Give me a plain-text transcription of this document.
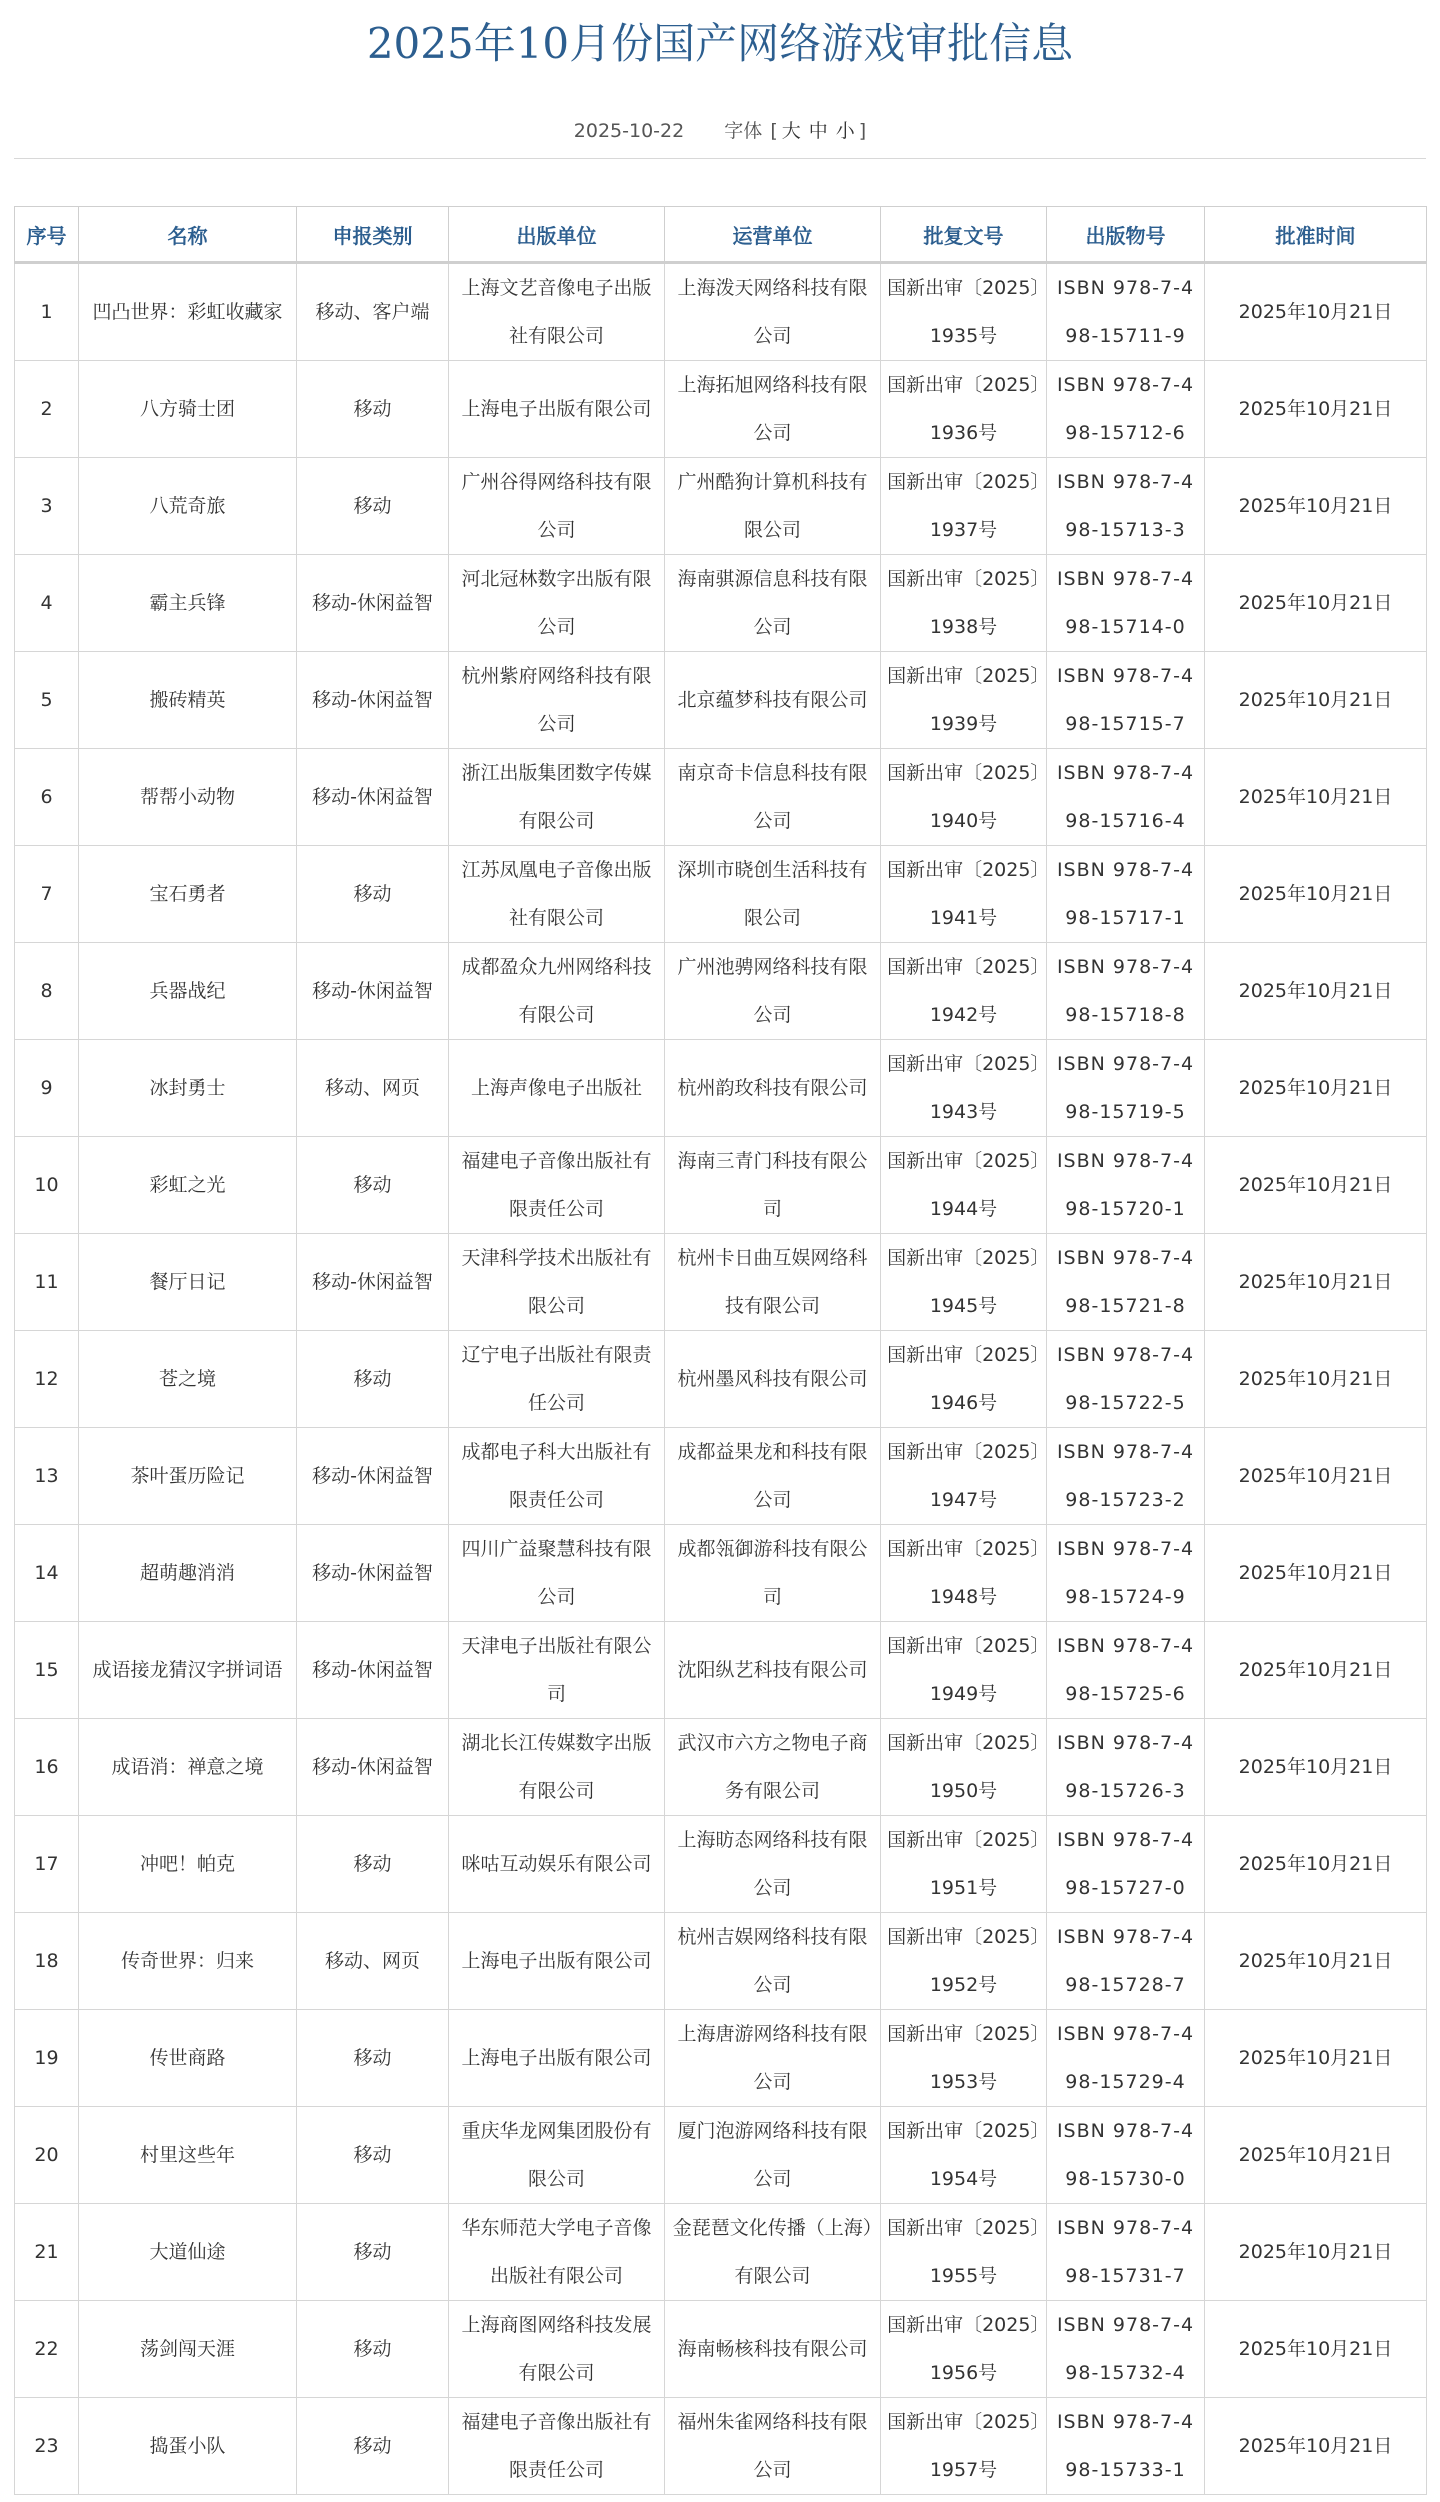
2025年10月份国产网络游戏审批信息
2025-10-22 字体 [ 大 中 小 ]
序号	名称	申报类别	出版单位	运营单位	批复文号	出版物号	批准时间
1	凹凸世界：彩虹收藏家	移动、客户端	上海文艺音像电子出版社有限公司	上海泼天网络科技有限公司	国新出审〔2025〕1935号	ISBN 978-7-498-15711-9	2025年10月21日
2	八方骑士团	移动	上海电子出版有限公司	上海拓旭网络科技有限公司	国新出审〔2025〕1936号	ISBN 978-7-498-15712-6	2025年10月21日
3	八荒奇旅	移动	广州谷得网络科技有限公司	广州酷狗计算机科技有限公司	国新出审〔2025〕1937号	ISBN 978-7-498-15713-3	2025年10月21日
4	霸主兵锋	移动-休闲益智	河北冠林数字出版有限公司	海南骐源信息科技有限公司	国新出审〔2025〕1938号	ISBN 978-7-498-15714-0	2025年10月21日
5	搬砖精英	移动-休闲益智	杭州紫府网络科技有限公司	北京蕴梦科技有限公司	国新出审〔2025〕1939号	ISBN 978-7-498-15715-7	2025年10月21日
6	帮帮小动物	移动-休闲益智	浙江出版集团数字传媒有限公司	南京奇卡信息科技有限公司	国新出审〔2025〕1940号	ISBN 978-7-498-15716-4	2025年10月21日
7	宝石勇者	移动	江苏凤凰电子音像出版社有限公司	深圳市晓创生活科技有限公司	国新出审〔2025〕1941号	ISBN 978-7-498-15717-1	2025年10月21日
8	兵器战纪	移动-休闲益智	成都盈众九州网络科技有限公司	广州池骋网络科技有限公司	国新出审〔2025〕1942号	ISBN 978-7-498-15718-8	2025年10月21日
9	冰封勇士	移动、网页	上海声像电子出版社	杭州韵玫科技有限公司	国新出审〔2025〕1943号	ISBN 978-7-498-15719-5	2025年10月21日
10	彩虹之光	移动	福建电子音像出版社有限责任公司	海南三青门科技有限公司	国新出审〔2025〕1944号	ISBN 978-7-498-15720-1	2025年10月21日
11	餐厅日记	移动-休闲益智	天津科学技术出版社有限公司	杭州卡日曲互娱网络科技有限公司	国新出审〔2025〕1945号	ISBN 978-7-498-15721-8	2025年10月21日
12	苍之境	移动	辽宁电子出版社有限责任公司	杭州墨风科技有限公司	国新出审〔2025〕1946号	ISBN 978-7-498-15722-5	2025年10月21日
13	茶叶蛋历险记	移动-休闲益智	成都电子科大出版社有限责任公司	成都益果龙和科技有限公司	国新出审〔2025〕1947号	ISBN 978-7-498-15723-2	2025年10月21日
14	超萌趣消消	移动-休闲益智	四川广益聚慧科技有限公司	成都瓴御游科技有限公司	国新出审〔2025〕1948号	ISBN 978-7-498-15724-9	2025年10月21日
15	成语接龙猜汉字拼词语	移动-休闲益智	天津电子出版社有限公司	沈阳纵艺科技有限公司	国新出审〔2025〕1949号	ISBN 978-7-498-15725-6	2025年10月21日
16	成语消：禅意之境	移动-休闲益智	湖北长江传媒数字出版有限公司	武汉市六方之物电子商务有限公司	国新出审〔2025〕1950号	ISBN 978-7-498-15726-3	2025年10月21日
17	冲吧！帕克	移动	咪咕互动娱乐有限公司	上海昉态网络科技有限公司	国新出审〔2025〕1951号	ISBN 978-7-498-15727-0	2025年10月21日
18	传奇世界：归来	移动、网页	上海电子出版有限公司	杭州吉娱网络科技有限公司	国新出审〔2025〕1952号	ISBN 978-7-498-15728-7	2025年10月21日
19	传世商路	移动	上海电子出版有限公司	上海唐游网络科技有限公司	国新出审〔2025〕1953号	ISBN 978-7-498-15729-4	2025年10月21日
20	村里这些年	移动	重庆华龙网集团股份有限公司	厦门泡游网络科技有限公司	国新出审〔2025〕1954号	ISBN 978-7-498-15730-0	2025年10月21日
21	大道仙途	移动	华东师范大学电子音像出版社有限公司	金琵琶文化传播（上海）有限公司	国新出审〔2025〕1955号	ISBN 978-7-498-15731-7	2025年10月21日
22	荡剑闯天涯	移动	上海商图网络科技发展有限公司	海南畅核科技有限公司	国新出审〔2025〕1956号	ISBN 978-7-498-15732-4	2025年10月21日
23	捣蛋小队	移动	福建电子音像出版社有限责任公司	福州朱雀网络科技有限公司	国新出审〔2025〕1957号	ISBN 978-7-498-15733-1	2025年10月21日
